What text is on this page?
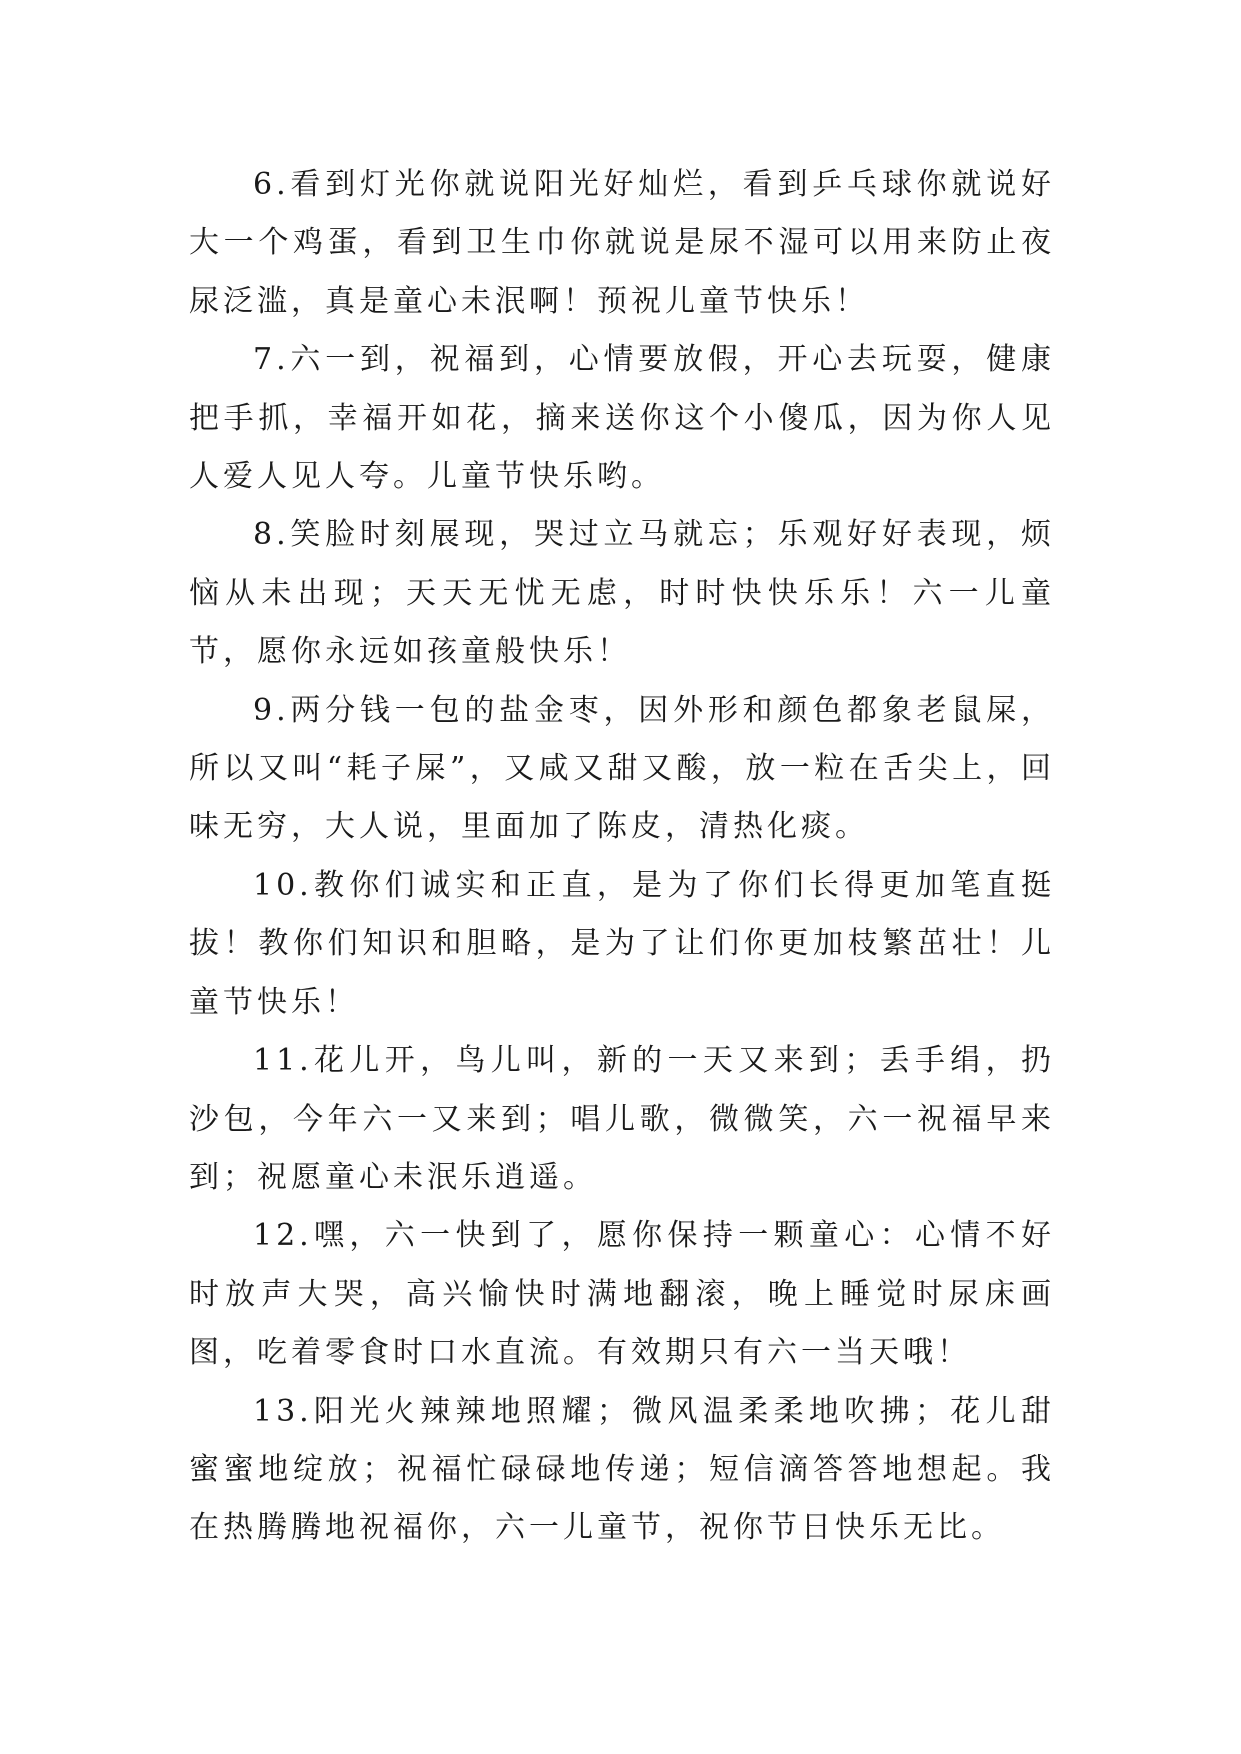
6.看到灯光你就说阳光好灿烂，看到乒乓球你就说好大一个鸡蛋，看到卫生巾你就说是尿不湿可以用来防止夜尿泛滥，真是童心未泯啊！预祝儿童节快乐！

7.六一到，祝福到，心情要放假，开心去玩耍，健康把手抓，幸福开如花，摘来送你这个小傻瓜，因为你人见人爱人见人夸。儿童节快乐哟。

8.笑脸时刻展现，哭过立马就忘；乐观好好表现，烦恼从未出现；天天无忧无虑，时时快快乐乐！六一儿童节，愿你永远如孩童般快乐！

9.两分钱一包的盐金枣，因外形和颜色都象老鼠屎，所以又叫“耗子屎”，又咸又甜又酸，放一粒在舌尖上，回味无穷，大人说，里面加了陈皮，清热化痰。

10.教你们诚实和正直，是为了你们长得更加笔直挺拔！教你们知识和胆略，是为了让们你更加枝繁茁壮！儿童节快乐！

11.花儿开，鸟儿叫，新的一天又来到；丢手绢，扔沙包，今年六一又来到；唱儿歌，微微笑，六一祝福早来到；祝愿童心未泯乐逍遥。

12.嘿，六一快到了，愿你保持一颗童心：心情不好时放声大哭，高兴愉快时满地翻滚，晚上睡觉时尿床画图，吃着零食时口水直流。有效期只有六一当天哦！

13.阳光火辣辣地照耀；微风温柔柔地吹拂；花儿甜蜜蜜地绽放；祝福忙碌碌地传递；短信滴答答地想起。我在热腾腾地祝福你，六一儿童节，祝你节日快乐无比。
